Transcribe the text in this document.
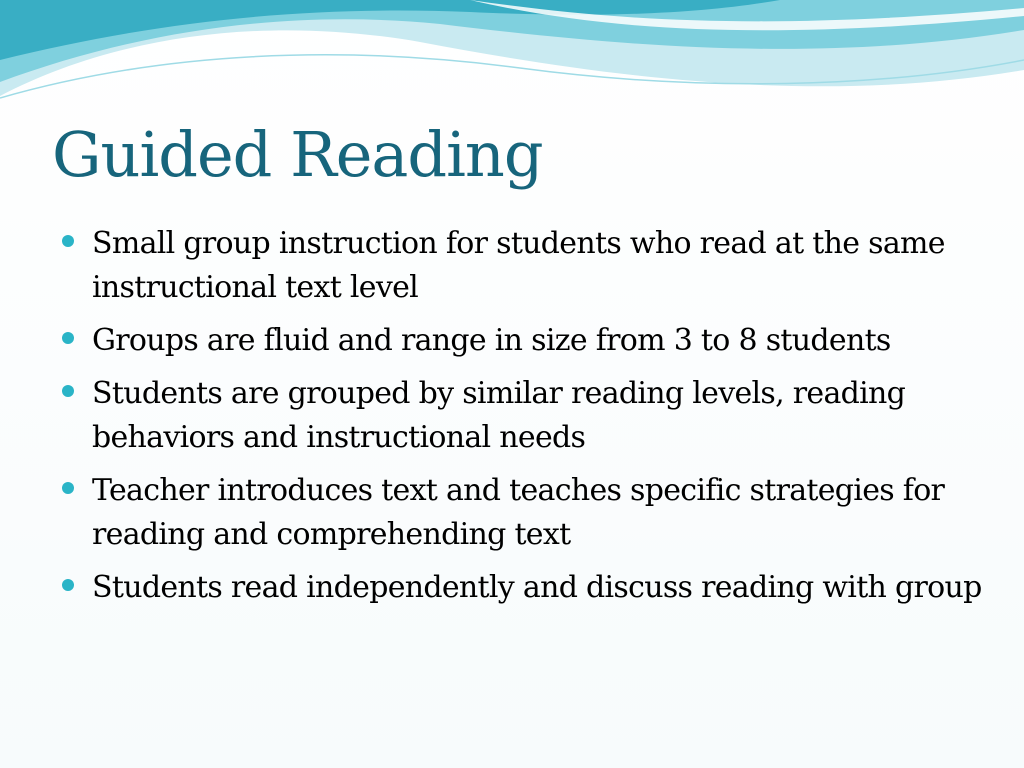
Guided Reading
Small group instruction for students who read at the same instructional text level
Groups are fluid and range in size from 3 to 8 students
Students are grouped by similar reading levels, reading behaviors and instructional needs
Teacher introduces text and teaches specific strategies for reading and comprehending text
Students read independently and discuss reading with group
